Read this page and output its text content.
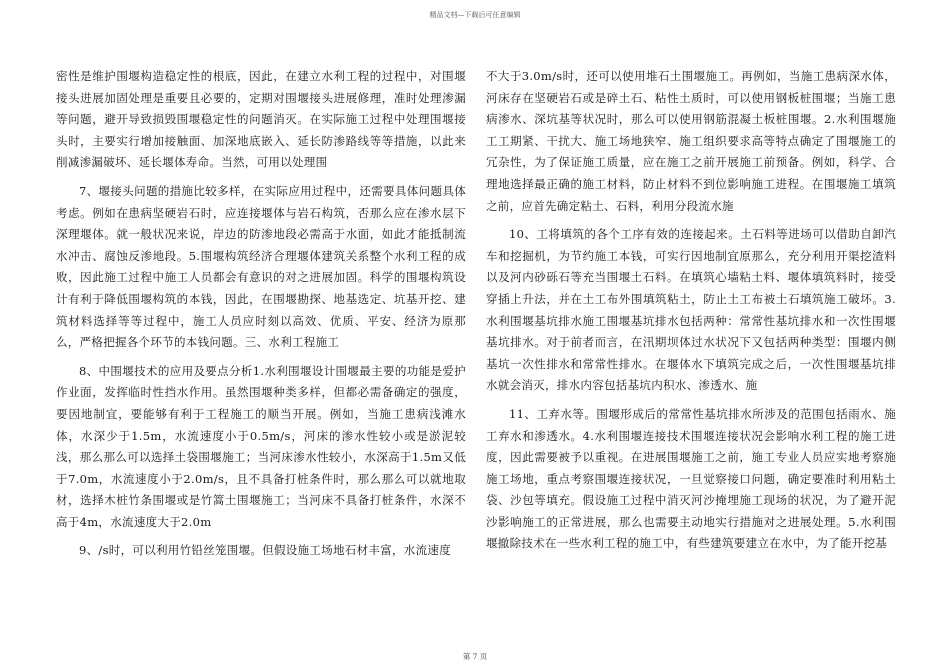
精品文档—下载后可任意编辑

密性是维护围堰构造稳定性的根底，因此，在建立水利工程的过程中，对围堰接头进展加固处理是重要且必要的，定期对围堰接头进展修理，准时处理渗漏等问题，避开导致损毁围堰稳定性的问题消灭。在实际施工过程中处理围堰接头时，主要实行增加接触面、加深地底嵌入、延长防渗路线等等措施，以此来削减渗漏破坏、延长堰体寿命。当然，可用以处理围

7、堰接头问题的措施比较多样，在实际应用过程中，还需要具体问题具体考虑。例如在患病坚硬岩石时，应连接堰体与岩石构筑，否那么应在渗水层下深理堰体。就一般状况来说，岸边的防渗地段必需高于水面，如此才能抵制流水冲击、腐蚀反渗地段。5.围堰构筑经济合理堰体建筑关系整个水利工程的成败，因此施工过程中施工人员都会有意识的对之进展加固。科学的围堰构筑设计有利于降低围堰构筑的本钱，因此，在围堰勘探、地基选定、坑基开挖、建筑材料选择等等过程中，施工人员应时刻以高效、优质、平安、经济为原那么，严格把握各个环节的本钱问题。三、水利工程施工

8、中围堰技术的应用及要点分析1.水利围堰设计围堰最主要的功能是爱护作业面，发挥临时性挡水作用。虽然围堰种类多样，但都必需备确定的强度，要因地制宜，要能够有利于工程施工的顺当开展。例如，当施工患病浅滩水体，水深少于1.5m，水流速度小于0.5m/s，河床的渗水性较小或是淤泥较浅，那么那么可以选择土袋围堰施工；当河床渗水性较小，水深高于1.5m又低于7.0m，水流速度小于2.0m/s，且不具备打桩条件时，那么那么可以就地取材，选择木桩竹条围堰或是竹篙土围堰施工；当河床不具备打桩条件，水深不高于4m，水流速度大于2.0m

9、/s时，可以利用竹铅丝笼围堰。但假设施工场地石材丰富，水流速度

不大于3.0m/s时，还可以使用堆石土围堰施工。再例如，当施工患病深水体，河床存在坚硬岩石或是碎土石、粘性土质时，可以使用钢板桩围堰；当施工患病渗水、深坑基等状况时，那么可以使用钢筋混凝土板桩围堰。2.水利围堰施工工期紧、干扰大、施工场地狭窄、施工组织要求高等特点确定了围堰施工的冗杂性，为了保证施工质量，应在施工之前开展施工前预备。例如，科学、合理地选择最正确的施工材料，防止材料不到位影响施工进程。在围堰施工填筑之前，应首先确定粘土、石料，利用分段流水施

10、工将填筑的各个工序有效的连接起来。土石料等进场可以借助自卸汽车和挖掘机，为节约施工本钱，可实行因地制宜原那么，充分利用开渠挖渣料以及河内砂砾石等充当围堰土石料。在填筑心墙粘土料、堰体填筑料时，接受穿插上升法，并在土工布外围填筑粘土，防止土工布被土石填筑施工破坏。3.水利围堰基坑排水施工围堰基坑排水包括两种：常常性基坑排水和一次性围堰基坑排水。对于前者而言，在汛期坝体过水状况下又包括两种类型：围堰内侧基坑一次性排水和常常性排水。在堰体水下填筑完成之后，一次性围堰基坑排水就会消灭，排水内容包括基坑内积水、渗透水、施

11、工弃水等。围堰形成后的常常性基坑排水所涉及的范围包括雨水、施工弃水和渗透水。4.水利围堰连接技术围堰连接状况会影响水利工程的施工进度，因此需要被予以重视。在进展围堰施工之前，施工专业人员应实地考察施施工场地，重点考察围堰连接状况，一旦觉察接口问题，确定要准时利用粘土袋、沙包等填充。假设施工过程中消灭河沙掩埋施工现场的状况，为了避开泥沙影响施工的正常进展，那么也需要主动地实行措施对之进展处理。5.水利围堰撤除技术在一些水利工程的施工中，有些建筑要建立在水中，为了能开挖基

第 7 页
